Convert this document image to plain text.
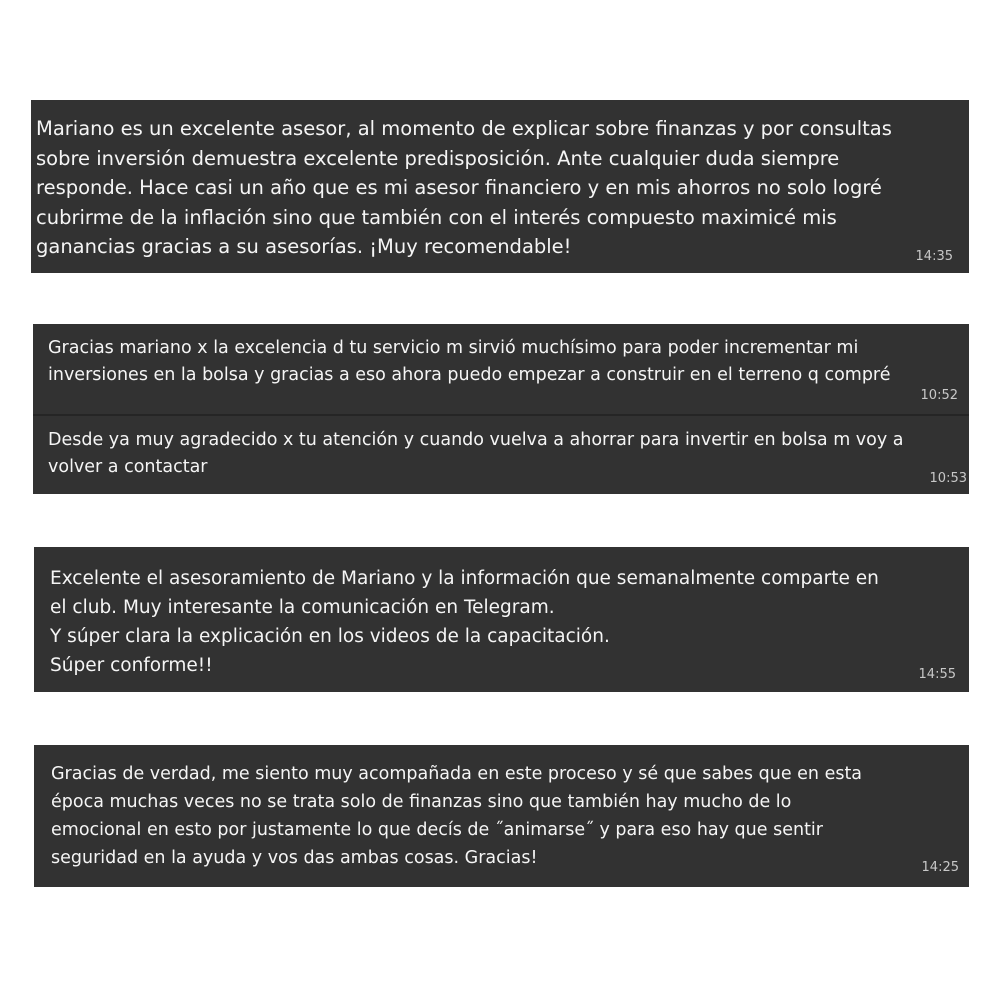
Mariano es un excelente asesor, al momento de explicar sobre finanzas y por consultas
sobre inversión demuestra excelente predisposición. Ante cualquier duda siempre
responde. Hace casi un año que es mi asesor financiero y en mis ahorros no solo logré
cubrirme de la inflación sino que también con el interés compuesto maximicé mis
ganancias gracias a su asesorías. ¡Muy recomendable!	14:35
Gracias mariano x la excelencia d tu servicio m sirvió muchísimo para poder incrementar mi
inversiones en la bolsa y gracias a eso ahora puedo empezar a construir en el terreno q compré
10:52
Desde ya muy agradecido x tu atención y cuando vuelva a ahorrar para invertir en bolsa m voy a
volver a contactar
10:53
Excelente el asesoramiento de Mariano y la información que semanalmente comparte en
el club. Muy interesante la comunicación en Telegram.
Y súper clara la explicación en los videos de la capacitación.
Súper conforme!!	14:55
Gracias de verdad, me siento muy acompañada en este proceso y sé que sabes que en esta
época muchas veces no se trata solo de finanzas sino que también hay mucho de lo
emocional en esto por justamente lo que decís de ˝animarse˝ y para eso hay que sentir
seguridad en la ayuda y vos das ambas cosas. Gracias!	14:25
